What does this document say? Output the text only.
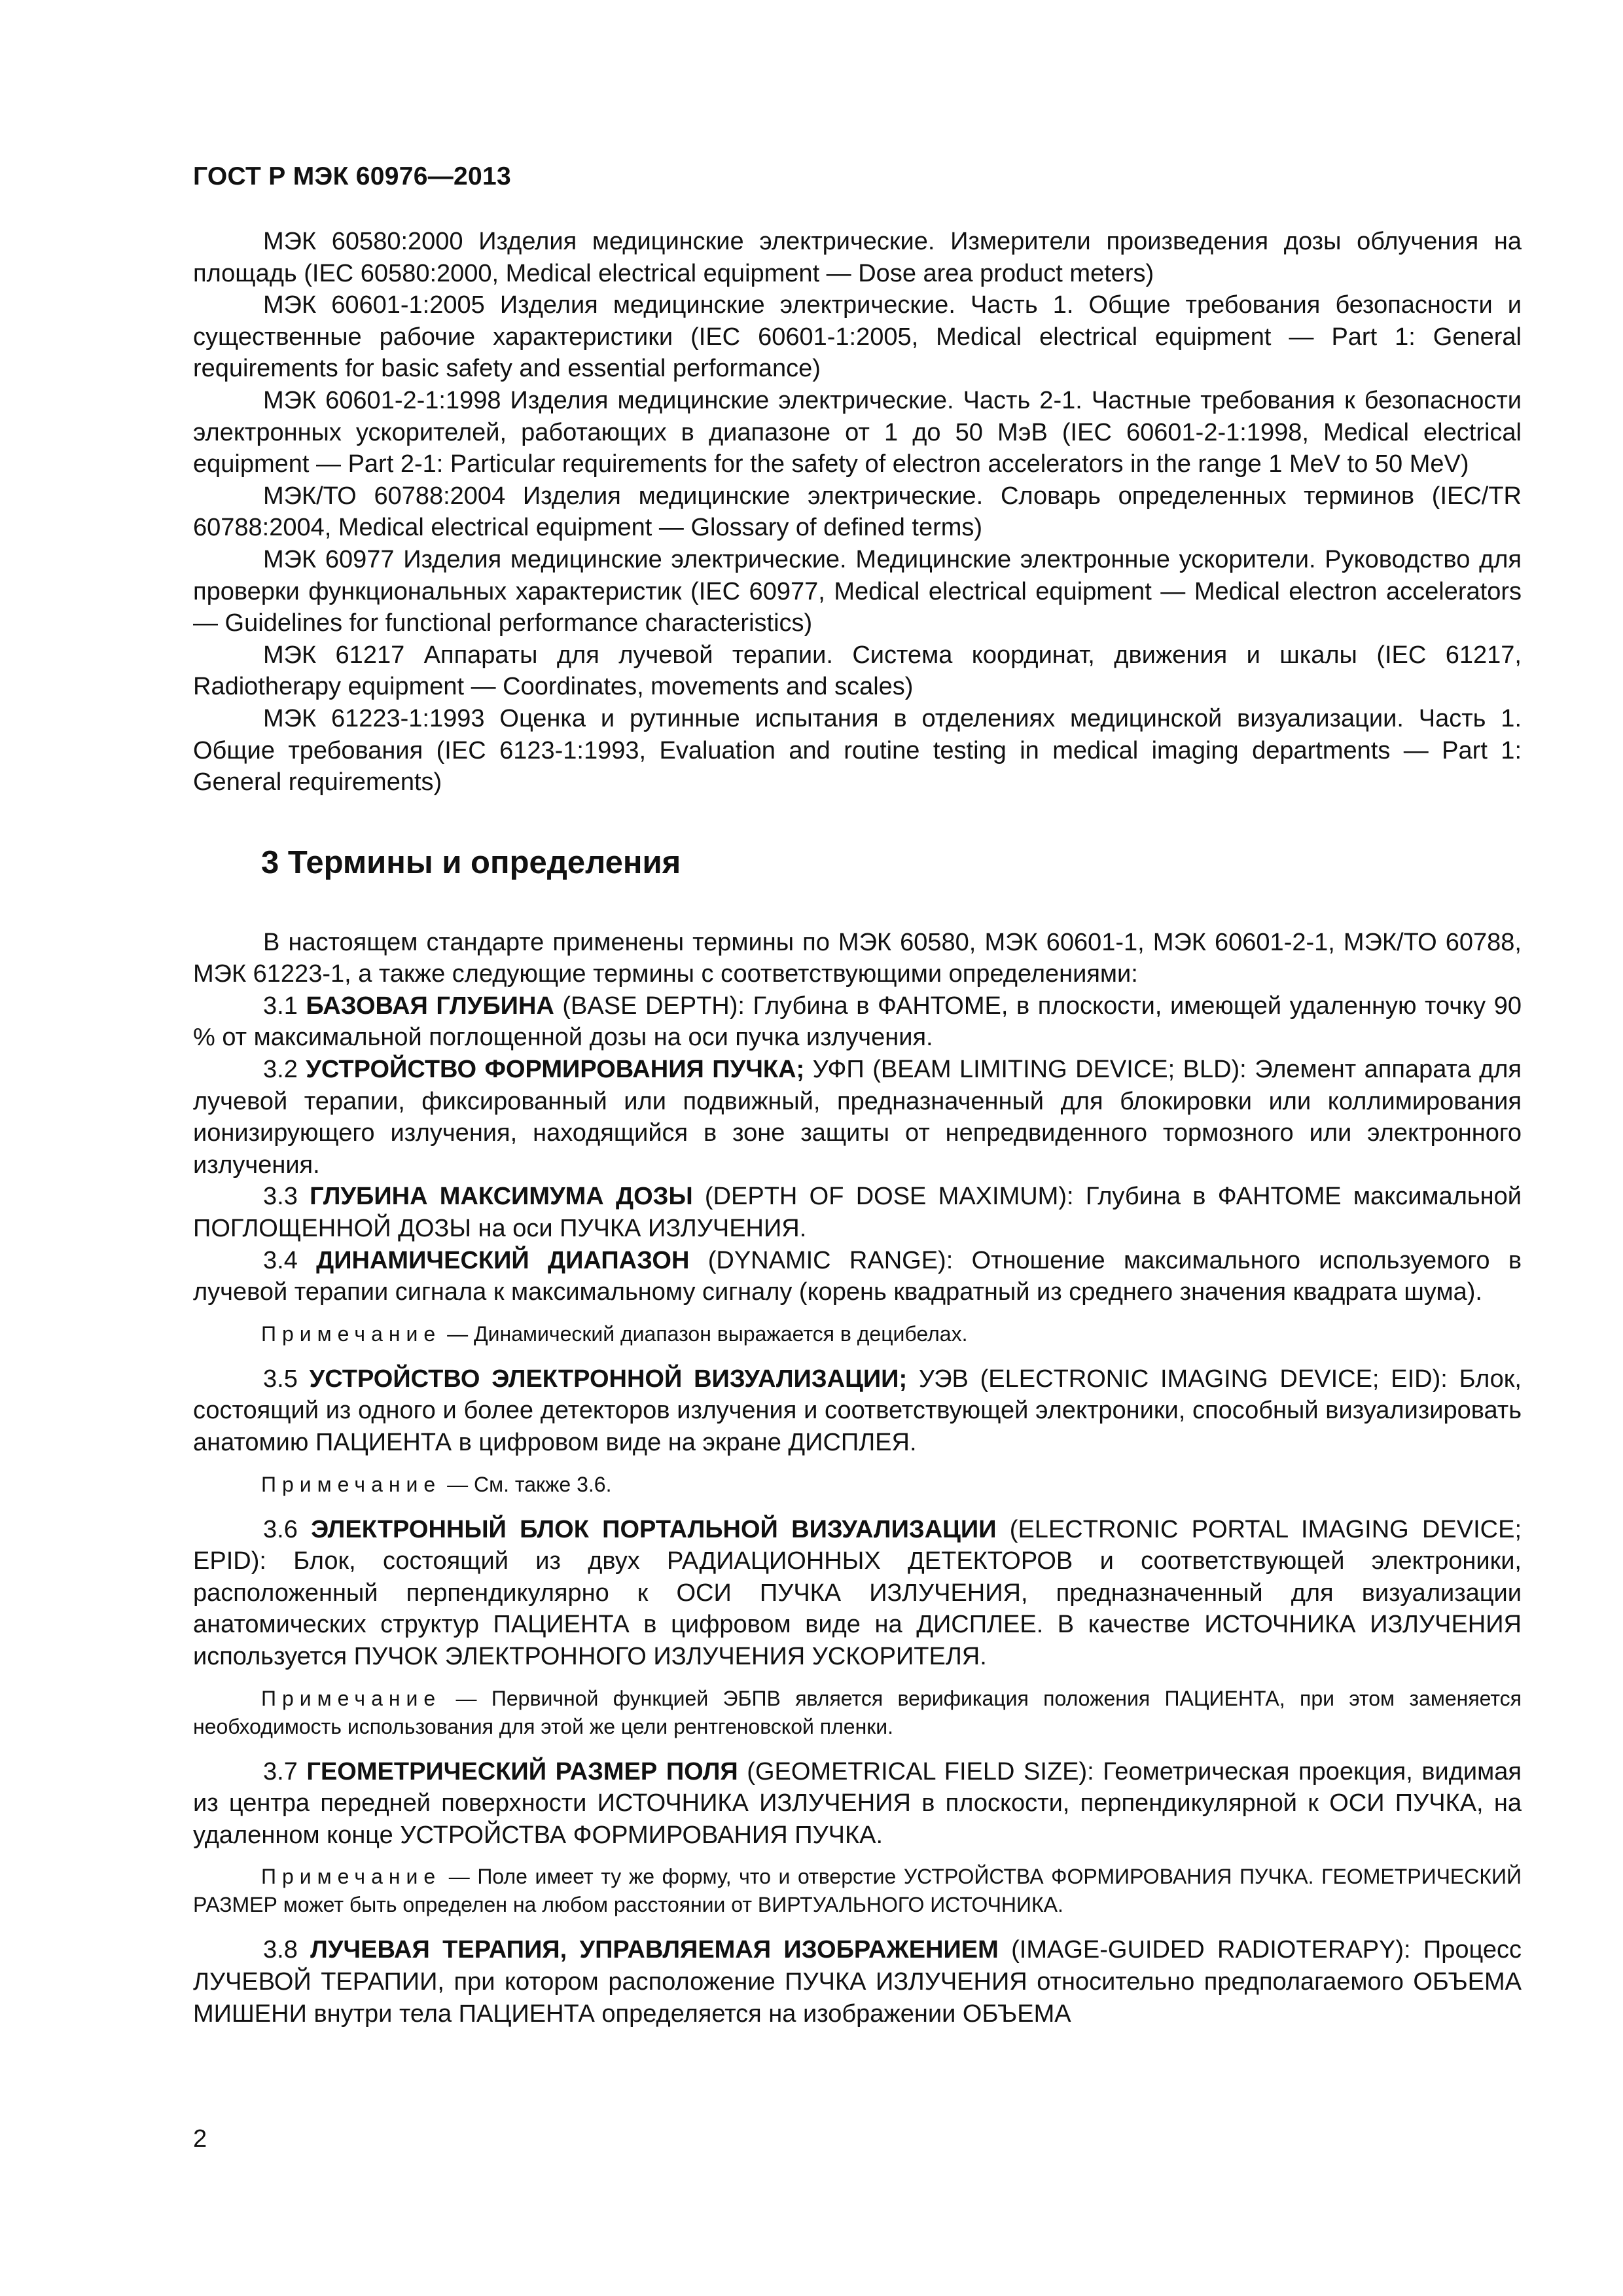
ГОСТ Р МЭК 60976—2013

МЭК 60580:2000 Изделия медицинские электрические. Измерители произведения дозы облучения на площадь (IEC 60580:2000, Medical electrical equipment — Dose area product meters)

МЭК 60601-1:2005 Изделия медицинские электрические. Часть 1. Общие требования безопасности и существенные рабочие характеристики (IEC 60601-1:2005, Medical electrical equipment — Part 1: General requirements for basic safety and essential performance)

МЭК 60601-2-1:1998 Изделия медицинские электрические. Часть 2-1. Частные требования к безопасности электронных ускорителей, работающих в диапазоне от 1 до 50 МэВ (IEC 60601-2-1:1998, Medical electrical equipment — Part 2-1: Particular requirements for the safety of electron accelerators in the range 1 MeV to 50 MeV)

МЭК/ТО 60788:2004 Изделия медицинские электрические. Словарь определенных терминов (IEC/TR 60788:2004, Medical electrical equipment — Glossary of defined terms)

МЭК 60977 Изделия медицинские электрические. Медицинские электронные ускорители. Руководство для проверки функциональных характеристик (IEC 60977, Medical electrical equipment — Medical electron accelerators — Guidelines for functional performance characteristics)

МЭК 61217 Аппараты для лучевой терапии. Система координат, движения и шкалы (IEC 61217, Radiotherapy equipment — Coordinates, movements and scales)

МЭК 61223-1:1993 Оценка и рутинные испытания в отделениях медицинской визуализации. Часть 1. Общие требования (IEC 6123-1:1993, Evaluation and routine testing in medical imaging departments — Part 1: General requirements)

3 Термины и определения

В настоящем стандарте применены термины по МЭК 60580, МЭК 60601-1, МЭК 60601-2-1, МЭК/ТО 60788, МЭК 61223-1, а также следующие термины с соответствующими определениями:

3.1 БАЗОВАЯ ГЛУБИНА (BASE DEPTH): Глубина в ФАНТОМЕ, в плоскости, имеющей удаленную точку 90 % от максимальной поглощенной дозы на оси пучка излучения.

3.2 УСТРОЙСТВО ФОРМИРОВАНИЯ ПУЧКА; УФП (BEAM LIMITING DEVICE; BLD): Элемент аппарата для лучевой терапии, фиксированный или подвижный, предназначенный для блокировки или коллимирования ионизирующего излучения, находящийся в зоне защиты от непредвиденного тормозного или электронного излучения.

3.3 ГЛУБИНА МАКСИМУМА ДОЗЫ (DEPTH OF DOSE MAXIMUM): Глубина в ФАНТОМЕ максимальной ПОГЛОЩЕННОЙ ДОЗЫ на оси ПУЧКА ИЗЛУЧЕНИЯ.

3.4 ДИНАМИЧЕСКИЙ ДИАПАЗОН (DYNAMIC RANGE): Отношение максимального используемого в лучевой терапии сигнала к максимальному сигналу (корень квадратный из среднего значения квадрата шума).

Примечание — Динамический диапазон выражается в децибелах.

3.5 УСТРОЙСТВО ЭЛЕКТРОННОЙ ВИЗУАЛИЗАЦИИ; УЭВ (ELECTRONIC IMAGING DEVICE; EID): Блок, состоящий из одного и более детекторов излучения и соответствующей электроники, способный визуализировать анатомию ПАЦИЕНТА в цифровом виде на экране ДИСПЛЕЯ.

Примечание — См. также 3.6.

3.6 ЭЛЕКТРОННЫЙ БЛОК ПОРТАЛЬНОЙ ВИЗУАЛИЗАЦИИ (ELECTRONIC PORTAL IMAGING DEVICE; EPID): Блок, состоящий из двух РАДИАЦИОННЫХ ДЕТЕКТОРОВ и соответствующей электроники, расположенный перпендикулярно к ОСИ ПУЧКА ИЗЛУЧЕНИЯ, предназначенный для визуализации анатомических структур ПАЦИЕНТА в цифровом виде на ДИСПЛЕЕ. В качестве ИСТОЧНИКА ИЗЛУЧЕНИЯ используется ПУЧОК ЭЛЕКТРОННОГО ИЗЛУЧЕНИЯ УСКОРИТЕЛЯ.

Примечание — Первичной функцией ЭБПВ является верификация положения ПАЦИЕНТА, при этом заменяется необходимость использования для этой же цели рентгеновской пленки.

3.7 ГЕОМЕТРИЧЕСКИЙ РАЗМЕР ПОЛЯ (GEOMETRICAL FIELD SIZE): Геометрическая проекция, видимая из центра передней поверхности ИСТОЧНИКА ИЗЛУЧЕНИЯ в плоскости, перпендикулярной к ОСИ ПУЧКА, на удаленном конце УСТРОЙСТВА ФОРМИРОВАНИЯ ПУЧКА.

Примечание — Поле имеет ту же форму, что и отверстие УСТРОЙСТВА ФОРМИРОВАНИЯ ПУЧКА. ГЕОМЕТРИЧЕСКИЙ РАЗМЕР может быть определен на любом расстоянии от ВИРТУАЛЬНОГО ИСТОЧНИКА.

3.8 ЛУЧЕВАЯ ТЕРАПИЯ, УПРАВЛЯЕМАЯ ИЗОБРАЖЕНИЕМ (IMAGE-GUIDED RADIOTERAPY): Процесс ЛУЧЕВОЙ ТЕРАПИИ, при котором расположение ПУЧКА ИЗЛУЧЕНИЯ относительно предполагаемого ОБЪЕМА МИШЕНИ внутри тела ПАЦИЕНТА определяется на изображении ОБЪЕМА

2
